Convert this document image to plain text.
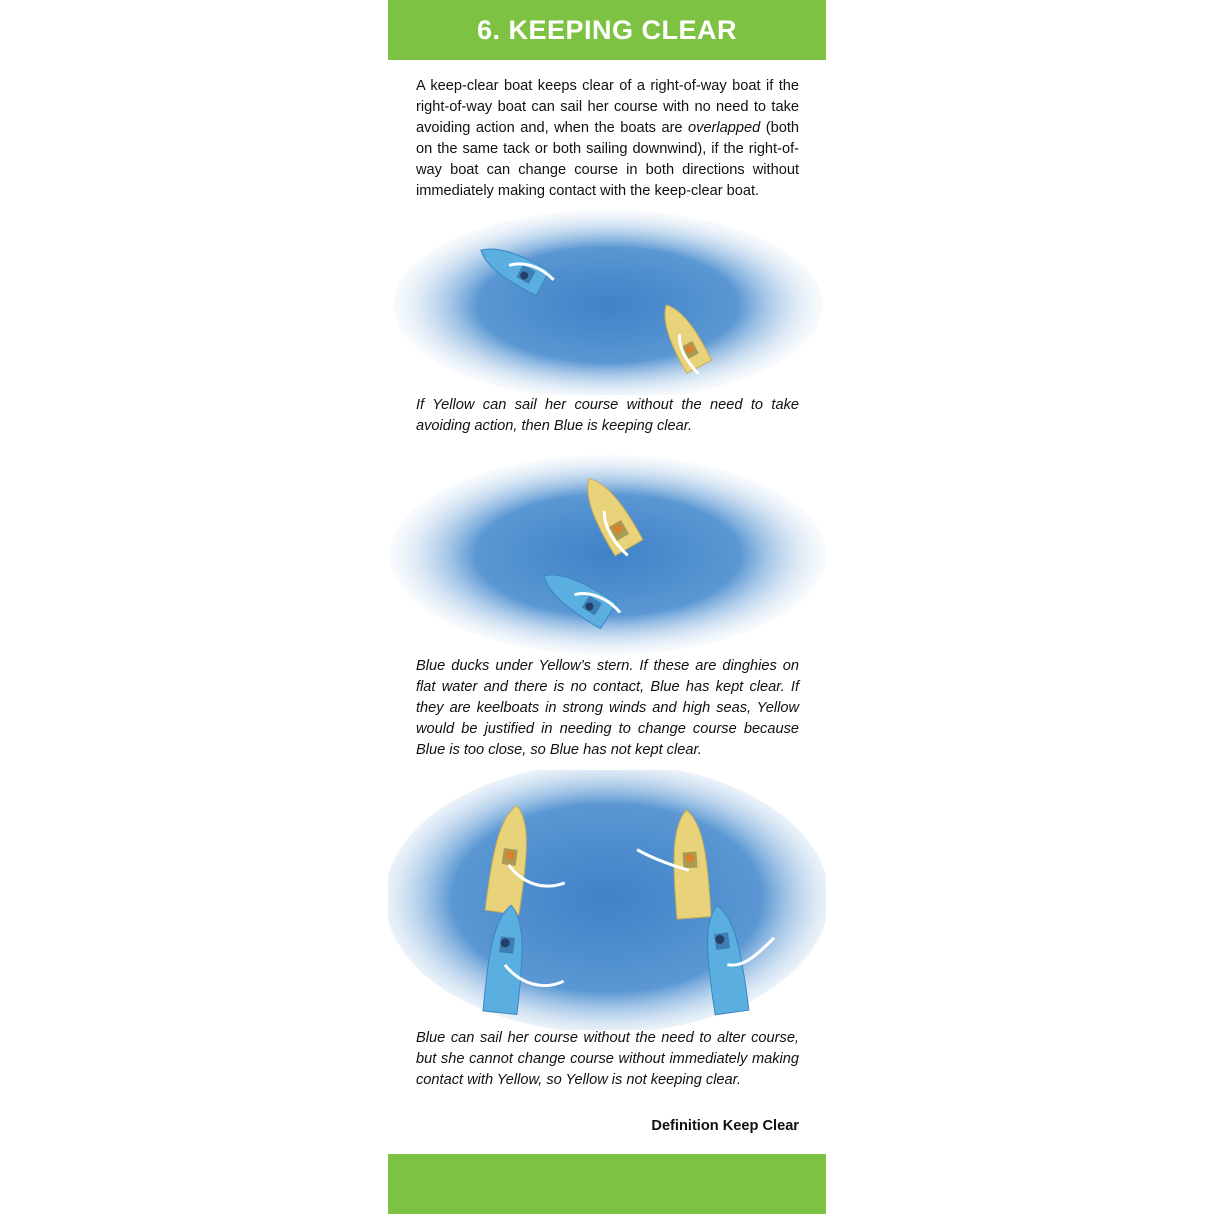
6. KEEPING CLEAR

A keep-clear boat keeps clear of a right-of-way boat if the right-of-way boat can sail her course with no need to take avoiding action and, when the boats are overlapped (both on the same tack or both sailing downwind), if the right-of-way boat can change course in both directions without immediately making contact with the keep-clear boat.

If Yellow can sail her course without the need to take avoiding action, then Blue is keeping clear.

Blue ducks under Yellow’s stern. If these are dinghies on flat water and there is no contact, Blue has kept clear. If they are keelboats in strong winds and high seas, Yellow would be justified in needing to change course because Blue is too close, so Blue has not kept clear.

Blue can sail her course without the need to alter course, but she cannot change course without immediately making contact with Yellow, so Yellow is not keeping clear.

Definition Keep Clear
